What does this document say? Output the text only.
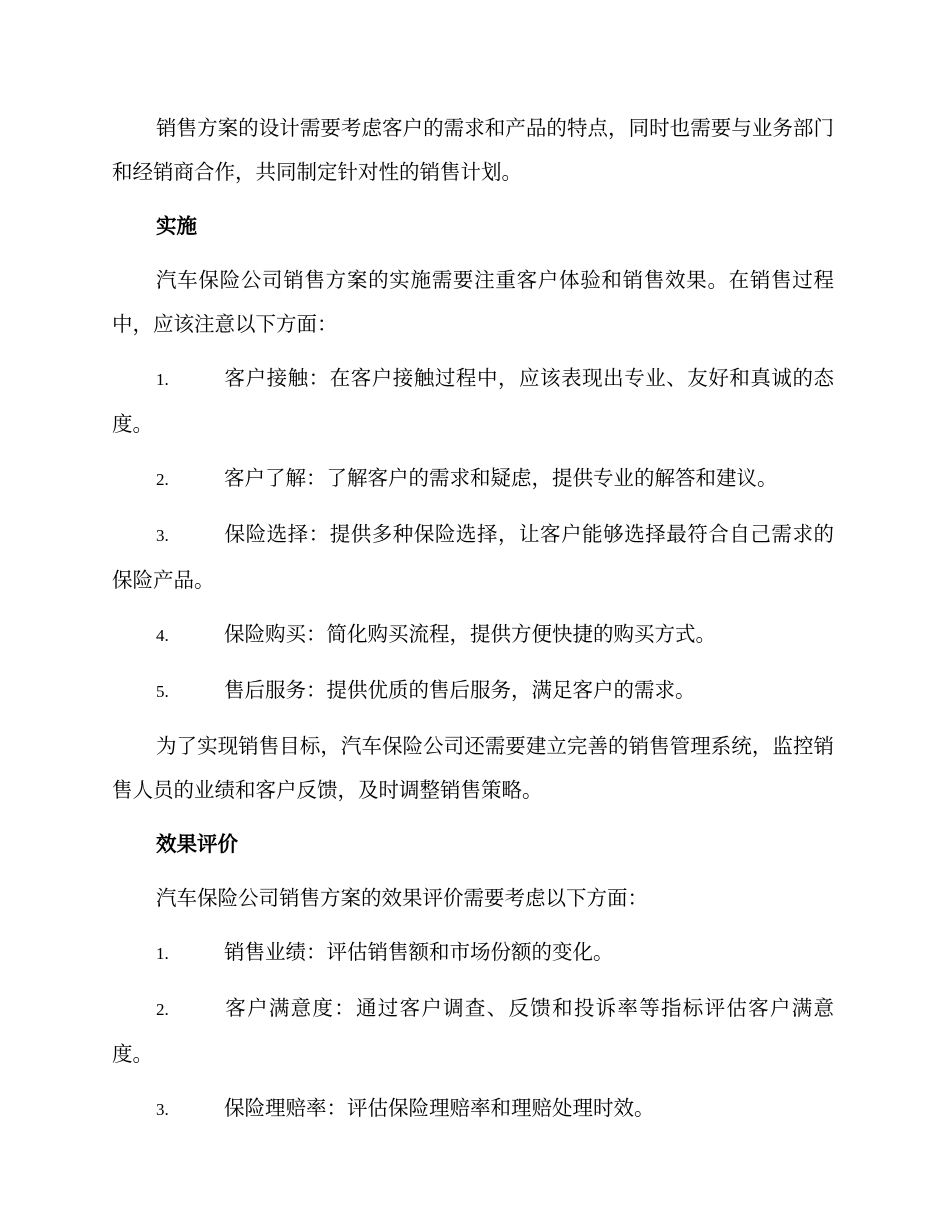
销售方案的设计需要考虑客户的需求和产品的特点，同时也需要与业务部门和经销商合作，共同制定针对性的销售计划。

实施

汽车保险公司销售方案的实施需要注重客户体验和销售效果。在销售过程中，应该注意以下方面：

1.	客户接触：在客户接触过程中，应该表现出专业、友好和真诚的态度。

2.	客户了解：了解客户的需求和疑虑，提供专业的解答和建议。

3.	保险选择：提供多种保险选择，让客户能够选择最符合自己需求的保险产品。

4.	保险购买：简化购买流程，提供方便快捷的购买方式。

5.	售后服务：提供优质的售后服务，满足客户的需求。

为了实现销售目标，汽车保险公司还需要建立完善的销售管理系统，监控销售人员的业绩和客户反馈，及时调整销售策略。

效果评价

汽车保险公司销售方案的效果评价需要考虑以下方面：

1.	销售业绩：评估销售额和市场份额的变化。

2.	客户满意度：通过客户调查、反馈和投诉率等指标评估客户满意度。

3.	保险理赔率：评估保险理赔率和理赔处理时效。
